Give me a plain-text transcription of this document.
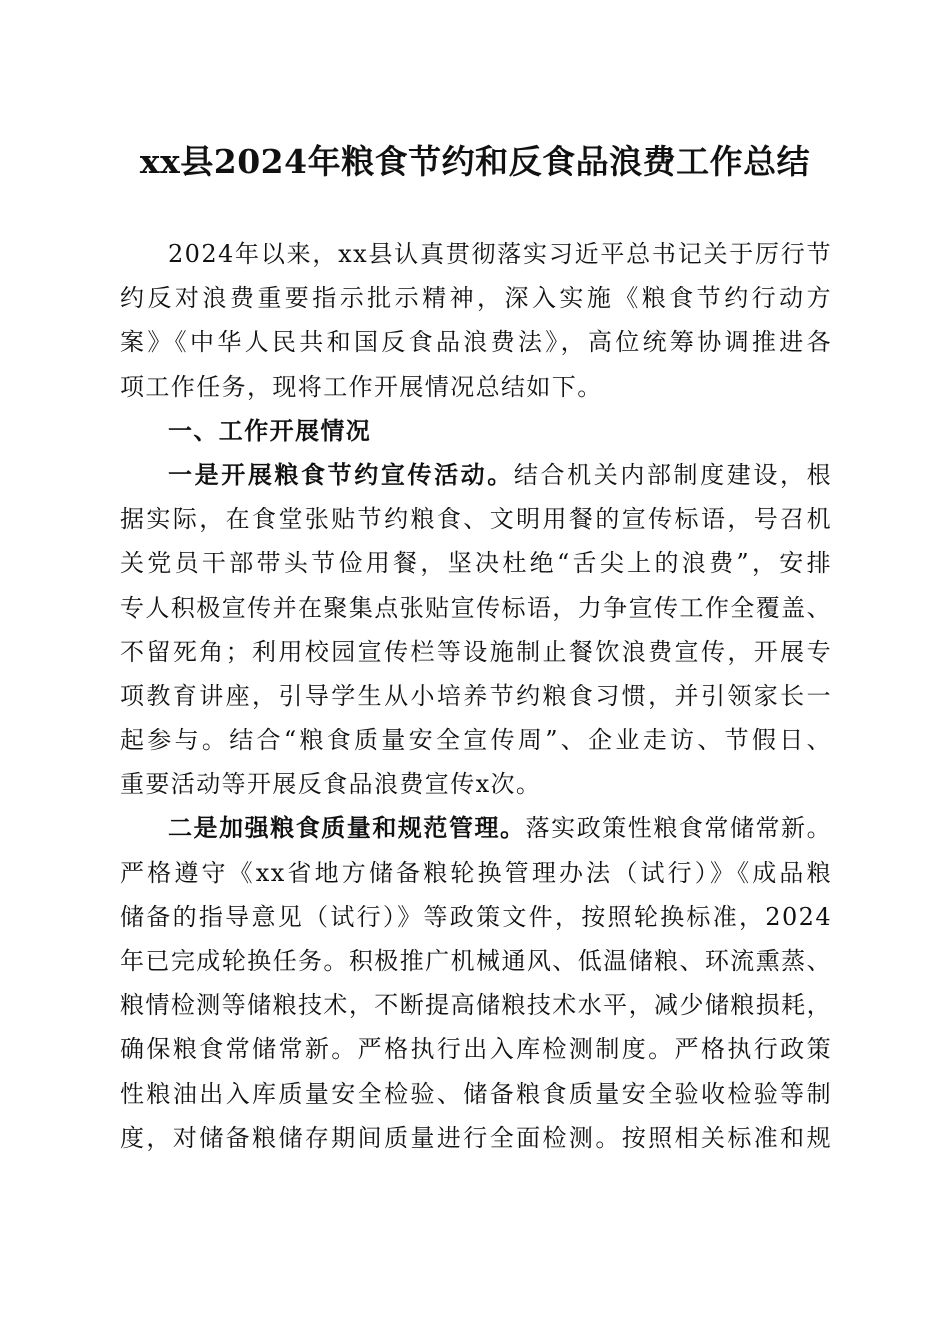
xx县2024年粮食节约和反食品浪费工作总结
2024年以来，xx县认真贯彻落实习近平总书记关于厉行节
约反对浪费重要指示批示精神，深入实施《粮食节约行动方
案》《中华人民共和国反食品浪费法》，高位统筹协调推进各
项工作任务，现将工作开展情况总结如下。
一、工作开展情况
一是开展粮食节约宣传活动。结合机关内部制度建设，根
据实际，在食堂张贴节约粮食、文明用餐的宣传标语，号召机
关党员干部带头节俭用餐，坚决杜绝“舌尖上的浪费”，安排
专人积极宣传并在聚集点张贴宣传标语，力争宣传工作全覆盖、
不留死角；利用校园宣传栏等设施制止餐饮浪费宣传，开展专
项教育讲座，引导学生从小培养节约粮食习惯，并引领家长一
起参与。结合“粮食质量安全宣传周”、企业走访、节假日、
重要活动等开展反食品浪费宣传x次。
二是加强粮食质量和规范管理。落实政策性粮食常储常新。
严格遵守《xx省地方储备粮轮换管理办法（试行）》《成品粮
储备的指导意见（试行）》等政策文件，按照轮换标准，2024
年已完成轮换任务。积极推广机械通风、低温储粮、环流熏蒸、
粮情检测等储粮技术，不断提高储粮技术水平，减少储粮损耗，
确保粮食常储常新。严格执行出入库检测制度。严格执行政策
性粮油出入库质量安全检验、储备粮食质量安全验收检验等制
度，对储备粮储存期间质量进行全面检测。按照相关标准和规
